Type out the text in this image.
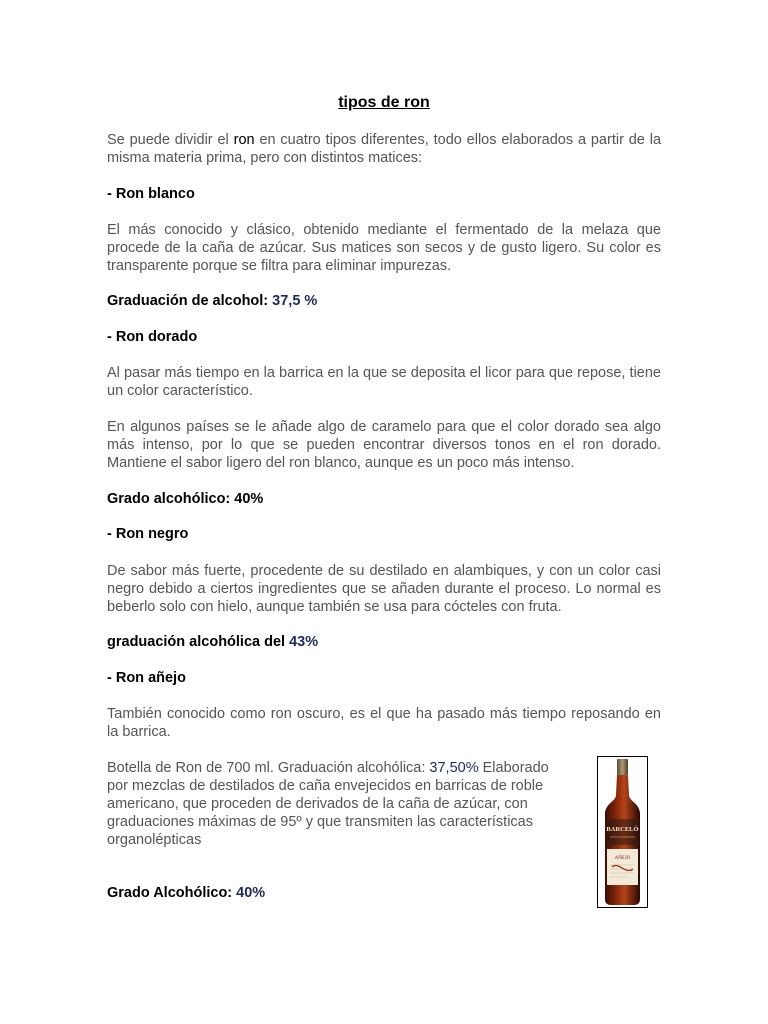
tipos de ron

Se puede dividir el ron en cuatro tipos diferentes, todo ellos elaborados a partir de la misma materia prima, pero con distintos matices:

- Ron blanco

El más conocido y clásico, obtenido mediante el fermentado de la melaza que procede de la caña de azúcar. Sus matices son secos y de gusto ligero. Su color es transparente porque se filtra para eliminar impurezas.

Graduación de alcohol: 37,5 %

- Ron dorado

Al pasar más tiempo en la barrica en la que se deposita el licor para que repose, tiene un color característico.

En algunos países se le añade algo de caramelo para que el color dorado sea algo más intenso, por lo que se pueden encontrar diversos tonos en el ron dorado. Mantiene el sabor ligero del ron blanco, aunque es un poco más intenso.

Grado alcohólico: 40%

- Ron negro

De sabor más fuerte, procedente de su destilado en alambiques, y con un color casi negro debido a ciertos ingredientes que se añaden durante el proceso. Lo normal es beberlo solo con hielo, aunque también se usa para cócteles con fruta.

graduación alcohólica del 43%

- Ron añejo

También conocido como ron oscuro, es el que ha pasado más tiempo reposando en la barrica.

Botella de Ron de 700 ml. Graduación alcohólica: 37,50% Elaborado por mezclas de destilados de caña envejecidos en barricas de roble americano, que proceden de derivados de la caña de azúcar, con graduaciones máximas de 95º y que transmiten las características organolépticas

Grado Alcohólico: 40%

BARCELÓ
AÑEJO
